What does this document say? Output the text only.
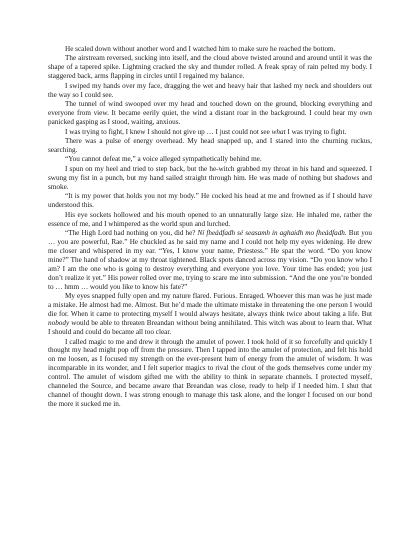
He scaled down without another word and I watched him to make sure he reached the bottom.

The airstream reversed, sucking into itself, and the cloud above twisted around and around until it was the shape of a tapered spike. Lightning cracked the sky and thunder rolled. A freak spray of rain pelted my body. I staggered back, arms flapping in circles until I regained my balance.

I swiped my hands over my face, dragging the wet and heavy hair that lashed my neck and shoulders out the way so I could see.

The tunnel of wind swooped over my head and touched down on the ground, blocking everything and everyone from view. It became eerily quiet, the wind a distant roar in the background. I could hear my own panicked gasping as I stood, waiting, anxious.

I was trying to fight, I knew I should not give up … I just could not see what I was trying to fight.

There was a pulse of energy overhead. My head snapped up, and I stared into the churning ruckus, searching.

“You cannot defeat me,” a voice alleged sympathetically behind me.

I spun on my heel and tried to step back, but the he-witch grabbed my throat in his hand and squeezed. I swung my fist in a punch, but my hand sailed straight through him. He was made of nothing but shadows and smoke.

“It is my power that holds you not my body.” He cocked his head at me and frowned as if I should have understood this.

His eye sockets hollowed and his mouth opened to an unnaturally large size. He inhaled me, rather the essence of me, and I whimpered as the world spun and lurched.

“The High Lord had nothing on you, did he? Ní fheádfadh sé seasamh in aghaidh mo fheádfadh. But you … you are powerful, Rae.” He chuckled as he said my name and I could not help my eyes widening. He drew me closer and whispered in my ear. “Yes, I know your name, Priestess.” He spat the word. “Do you know mine?” The hand of shadow at my throat tightened. Black spots danced across my vision. “Do you know who I am? I am the one who is going to destroy everything and everyone you love. Your time has ended; you just don’t realize it yet.” His power rolled over me, trying to scare me into submission. “And the one you’re bonded to … hmm … would you like to know his fate?”

My eyes snapped fully open and my nature flared. Furious. Enraged. Whoever this man was he just made a mistake. He almost had me. Almost. But he’d made the ultimate mistake in threatening the one person I would die for. When it came to protecting myself I would always hesitate, always think twice about taking a life. But nobody would be able to threaten Breandan without being annihilated. This witch was about to learn that. What I should and could do became all too clear.

I called magic to me and drew it through the amulet of power. I took hold of it so forcefully and quickly I thought my head might pop off from the pressure. Then I tapped into the amulet of protection, and felt his hold on me loosen, as I focused my strength on the ever-present hum of energy from the amulet of wisdom. It was incomparable in its wonder, and I felt superior magics to rival the clout of the gods themselves come under my control. The amulet of wisdom gifted me with the ability to think in separate channels. I protected myself, channeled the Source, and became aware that Breandan was close, ready to help if I needed him. I shut that channel of thought down. I was strong enough to manage this task alone, and the longer I focused on our bond the more it sucked me in.
